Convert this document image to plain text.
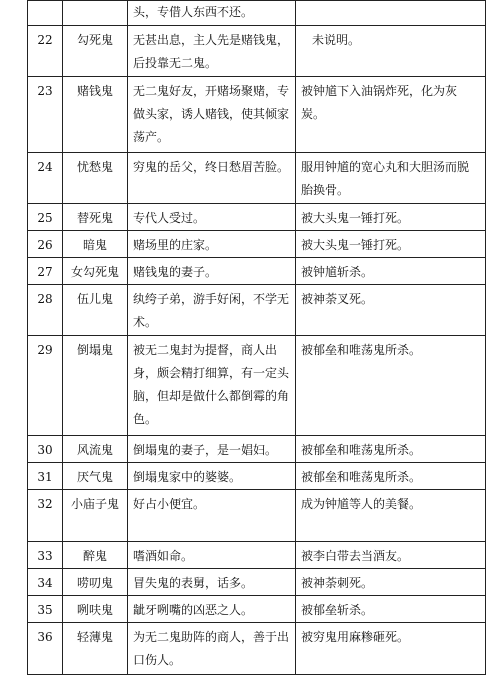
		头，专借人东西不还。	
22	勾死鬼	无甚出息，主人先是赌钱鬼，后投靠无二鬼。	未说明。
23	赌钱鬼	无二鬼好友，开赌场聚赌，专做头家，诱人赌钱，使其倾家荡产。	被钟馗下入油锅炸死，化为灰炭。
24	忧愁鬼	穷鬼的岳父，终日愁眉苦脸。	服用钟馗的宽心丸和大胆汤而脱胎换骨。
25	替死鬼	专代人受过。	被大头鬼一锤打死。
26	暗鬼	赌场里的庄家。	被大头鬼一锤打死。
27	女勾死鬼	赌钱鬼的妻子。	被钟馗斩杀。
28	伍儿鬼	纨绔子弟，游手好闲，不学无术。	被神荼叉死。
29	倒塌鬼	被无二鬼封为提督，商人出身，颇会精打细算，有一定头脑，但却是做什么都倒霉的角色。	被郁垒和唯荡鬼所杀。
30	风流鬼	倒塌鬼的妻子，是一娼妇。	被郁垒和唯荡鬼所杀。
31	厌气鬼	倒塌鬼家中的婆婆。	被郁垒和唯荡鬼所杀。
32	小庙子鬼	好占小便宜。	成为钟馗等人的美餐。
33	醉鬼	嗜酒如命。	被李白带去当酒友。
34	唠叨鬼	冒失鬼的表舅，话多。	被神荼刺死。
35	咧呋鬼	龇牙咧嘴的凶恶之人。	被郁垒斩杀。
36	轻薄鬼	为无二鬼助阵的商人，善于出口伤人。	被穷鬼用麻糁砸死。
